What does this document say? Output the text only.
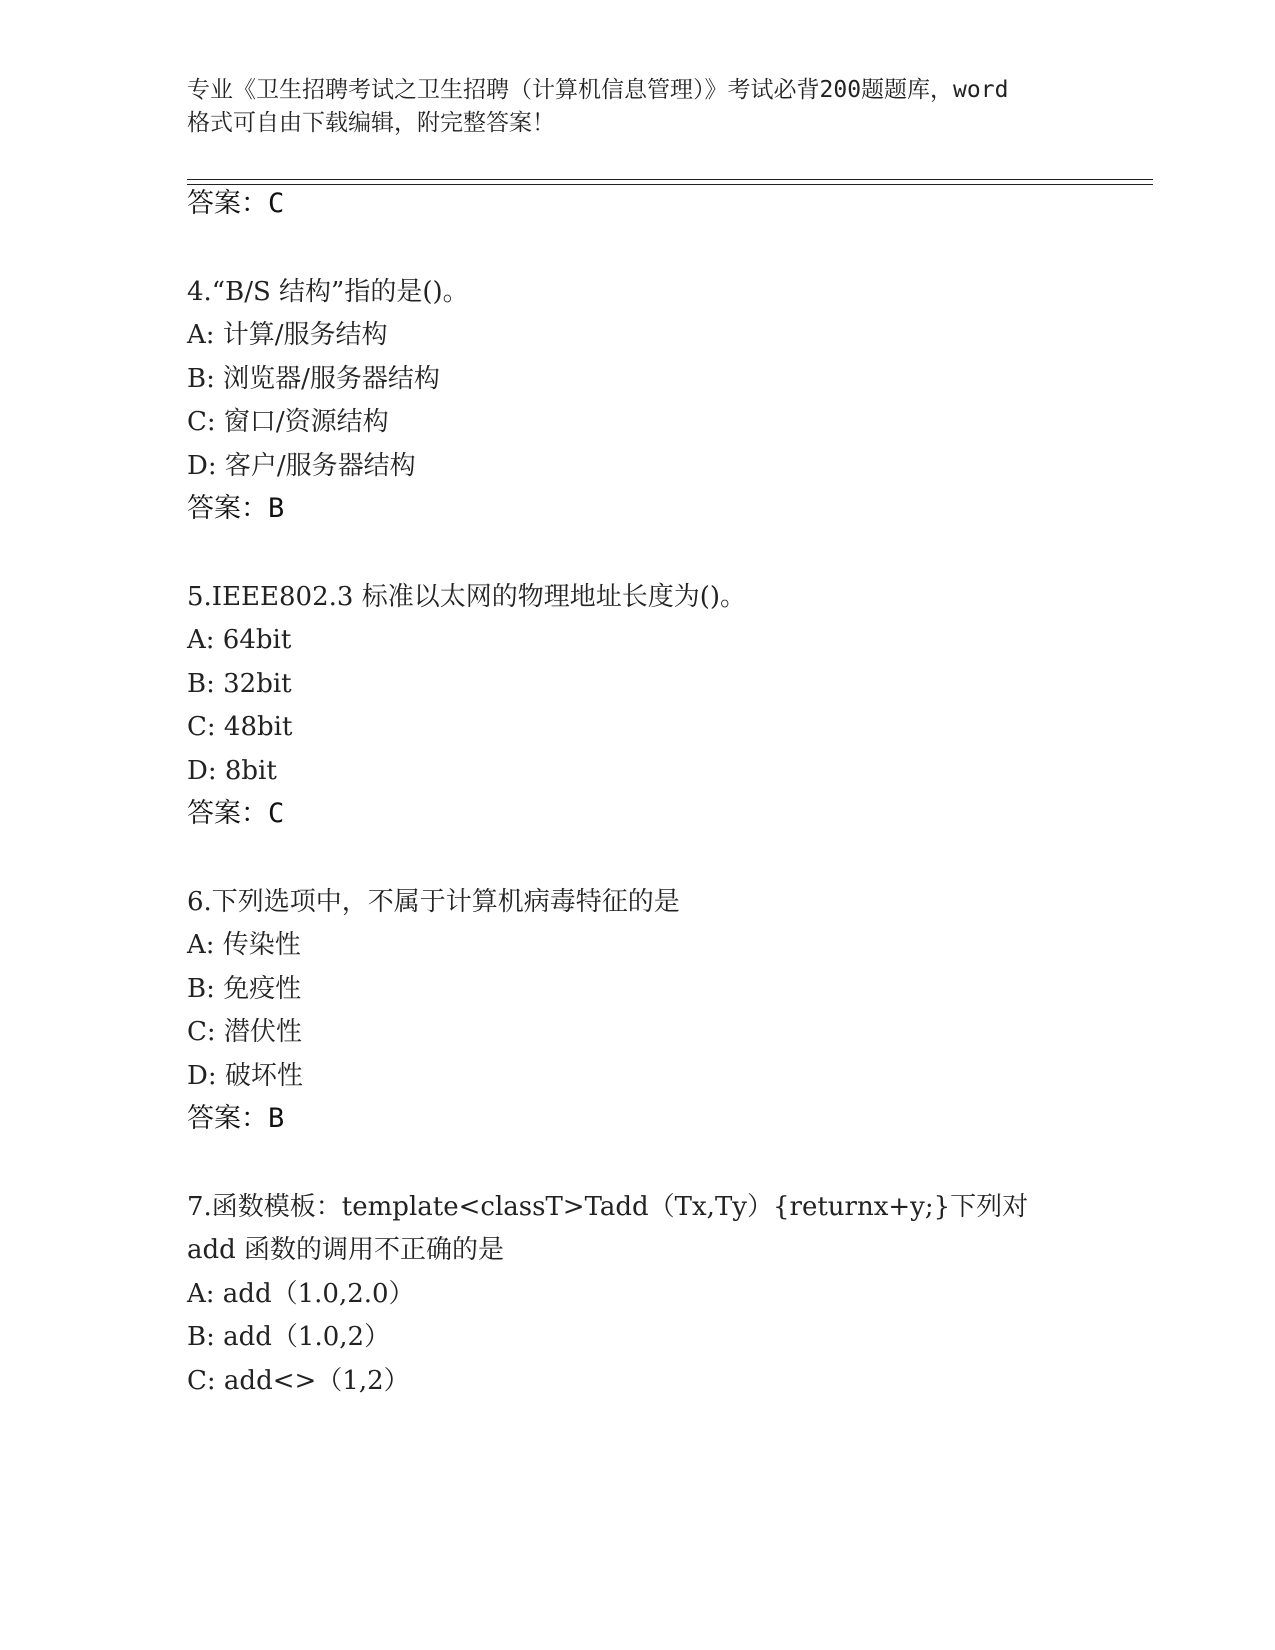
专业《卫生招聘考试之卫生招聘（计算机信息管理）》考试必背200题题库，word
格式可自由下载编辑，附完整答案！
答案：C
4.“B/S 结构”指的是()。
A: 计算/服务结构
B: 浏览器/服务器结构
C: 窗口/资源结构
D: 客户/服务器结构
答案：B
5.IEEE802.3 标准以太网的物理地址长度为()。
A: 64bit
B: 32bit
C: 48bit
D: 8bit
答案：C
6.下列选项中，不属于计算机病毒特征的是
A: 传染性
B: 免疫性
C: 潜伏性
D: 破坏性
答案：B
7.函数模板：template<classT>Tadd（Tx,Ty）{returnx+y;}下列对
add 函数的调用不正确的是
A: add（1.0,2.0）
B: add（1.0,2）
C: add<>（1,2）
